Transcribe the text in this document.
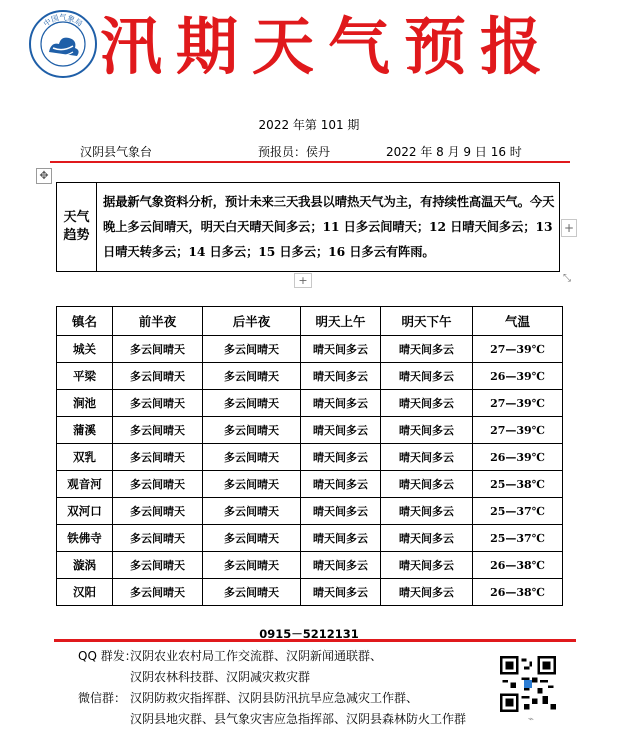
中国气象局 汛期天气预报
2022 年第 101 期
汉阴县气象台	预报员：侯丹	2022 年 8 月 9 日 16 时
✥
天气
趋势
据最新气象资料分析，预计未来三天我县以晴热天气为主，有持续性高温天气。今天晚上多云间晴天，明天白天晴天间多云；11 日多云间晴天；12 日晴天间多云；13 日晴天转多云；14 日多云；15 日多云；16 日多云有阵雨。
+
+	⤡
镇名	前半夜	后半夜	明天上午	明天下午	气温
城关	多云间晴天	多云间晴天	晴天间多云	晴天间多云	27—39℃
平梁	多云间晴天	多云间晴天	晴天间多云	晴天间多云	26—39℃
涧池	多云间晴天	多云间晴天	晴天间多云	晴天间多云	27—39℃
蒲溪	多云间晴天	多云间晴天	晴天间多云	晴天间多云	27—39℃
双乳	多云间晴天	多云间晴天	晴天间多云	晴天间多云	26—39℃
观音河	多云间晴天	多云间晴天	晴天间多云	晴天间多云	25—38℃
双河口	多云间晴天	多云间晴天	晴天间多云	晴天间多云	25—37℃
铁佛寺	多云间晴天	多云间晴天	晴天间多云	晴天间多云	25—37℃
漩涡	多云间晴天	多云间晴天	晴天间多云	晴天间多云	26—38℃
汉阳	多云间晴天	多云间晴天	晴天间多云	晴天间多云	26—38℃
0915－5212131
QQ 群发：
汉阴农业农村局工作交流群、汉阴新闻通联群、
汉阴农林科技群、汉阴减灾救灾群
微信群： 汉阴防救灾指挥群、汉阴县防汛抗旱应急减灾工作群、
汉阴县地灾群、县气象灾害应急指挥部、汉阴县森林防火工作群	⌁
